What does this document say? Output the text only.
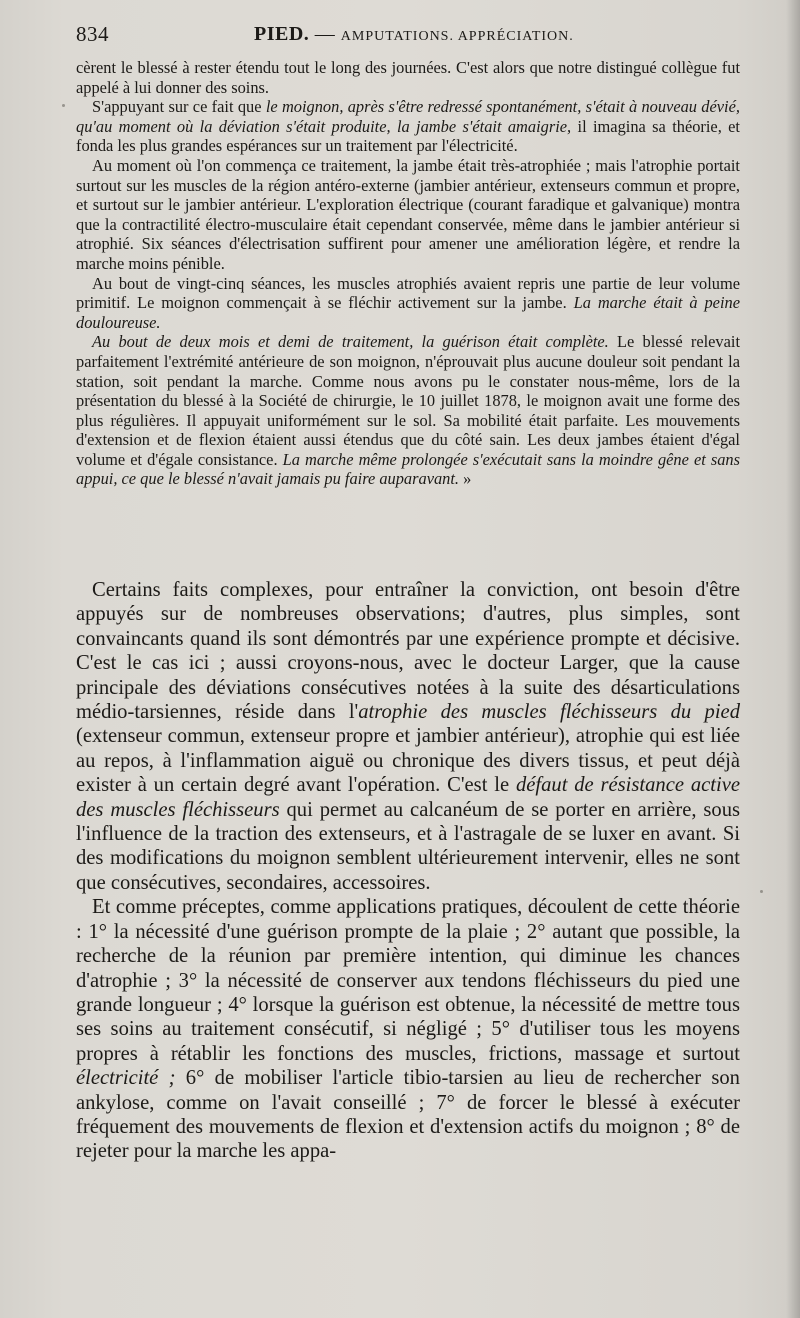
834	PIED. — AMPUTATIONS. APPRÉCIATION.

cèrent le blessé à rester étendu tout le long des journées. C'est alors que notre distingué collègue fut appelé à lui donner des soins.

S'appuyant sur ce fait que le moignon, après s'être redressé spontanément, s'était à nouveau dévié, qu'au moment où la déviation s'était produite, la jambe s'était amaigrie, il imagina sa théorie, et fonda les plus grandes espérances sur un traitement par l'électricité.

Au moment où l'on commença ce traitement, la jambe était très-atrophiée ; mais l'atrophie portait surtout sur les muscles de la région antéro-externe (jambier antérieur, extenseurs commun et propre, et surtout sur le jambier antérieur. L'exploration électrique (courant faradique et galvanique) montra que la contractilité électro-musculaire était cependant conservée, même dans le jambier antérieur si atrophié. Six séances d'électrisation suffirent pour amener une amélioration légère, et rendre la marche moins pénible.

Au bout de vingt-cinq séances, les muscles atrophiés avaient repris une partie de leur volume primitif. Le moignon commençait à se fléchir activement sur la jambe. La marche était à peine douloureuse.

Au bout de deux mois et demi de traitement, la guérison était complète. Le blessé relevait parfaitement l'extrémité antérieure de son moignon, n'éprouvait plus aucune douleur soit pendant la station, soit pendant la marche. Comme nous avons pu le constater nous-même, lors de la présentation du blessé à la Société de chirurgie, le 10 juillet 1878, le moignon avait une forme des plus régulières. Il appuyait uniformément sur le sol. Sa mobilité était parfaite. Les mouvements d'extension et de flexion étaient aussi étendus que du côté sain. Les deux jambes étaient d'égal volume et d'égale consistance. La marche même prolongée s'exécutait sans la moindre gêne et sans appui, ce que le blessé n'avait jamais pu faire auparavant. »

Certains faits complexes, pour entraîner la conviction, ont besoin d'être appuyés sur de nombreuses observations; d'autres, plus simples, sont convaincants quand ils sont démontrés par une expérience prompte et décisive. C'est le cas ici ; aussi croyons-nous, avec le docteur Larger, que la cause principale des déviations consécutives notées à la suite des désarticulations médio-tarsiennes, réside dans l'atrophie des muscles fléchisseurs du pied (extenseur commun, extenseur propre et jambier antérieur), atrophie qui est liée au repos, à l'inflammation aiguë ou chronique des divers tissus, et peut déjà exister à un certain degré avant l'opération. C'est le défaut de résistance active des muscles fléchisseurs qui permet au calcanéum de se porter en arrière, sous l'influence de la traction des extenseurs, et à l'astragale de se luxer en avant. Si des modifications du moignon semblent ultérieurement intervenir, elles ne sont que consécutives, secondaires, accessoires.

Et comme préceptes, comme applications pratiques, découlent de cette théorie : 1° la nécessité d'une guérison prompte de la plaie ; 2° autant que possible, la recherche de la réunion par première intention, qui diminue les chances d'atrophie ; 3° la nécessité de conserver aux tendons fléchisseurs du pied une grande longueur ; 4° lorsque la guérison est obtenue, la nécessité de mettre tous ses soins au traitement consécutif, si négligé ; 5° d'utiliser tous les moyens propres à rétablir les fonctions des muscles, frictions, massage et surtout électricité ; 6° de mobiliser l'article tibio-tarsien au lieu de rechercher son ankylose, comme on l'avait conseillé ; 7° de forcer le blessé à exécuter fréquement des mouvements de flexion et d'extension actifs du moignon ; 8° de rejeter pour la marche les appa-
